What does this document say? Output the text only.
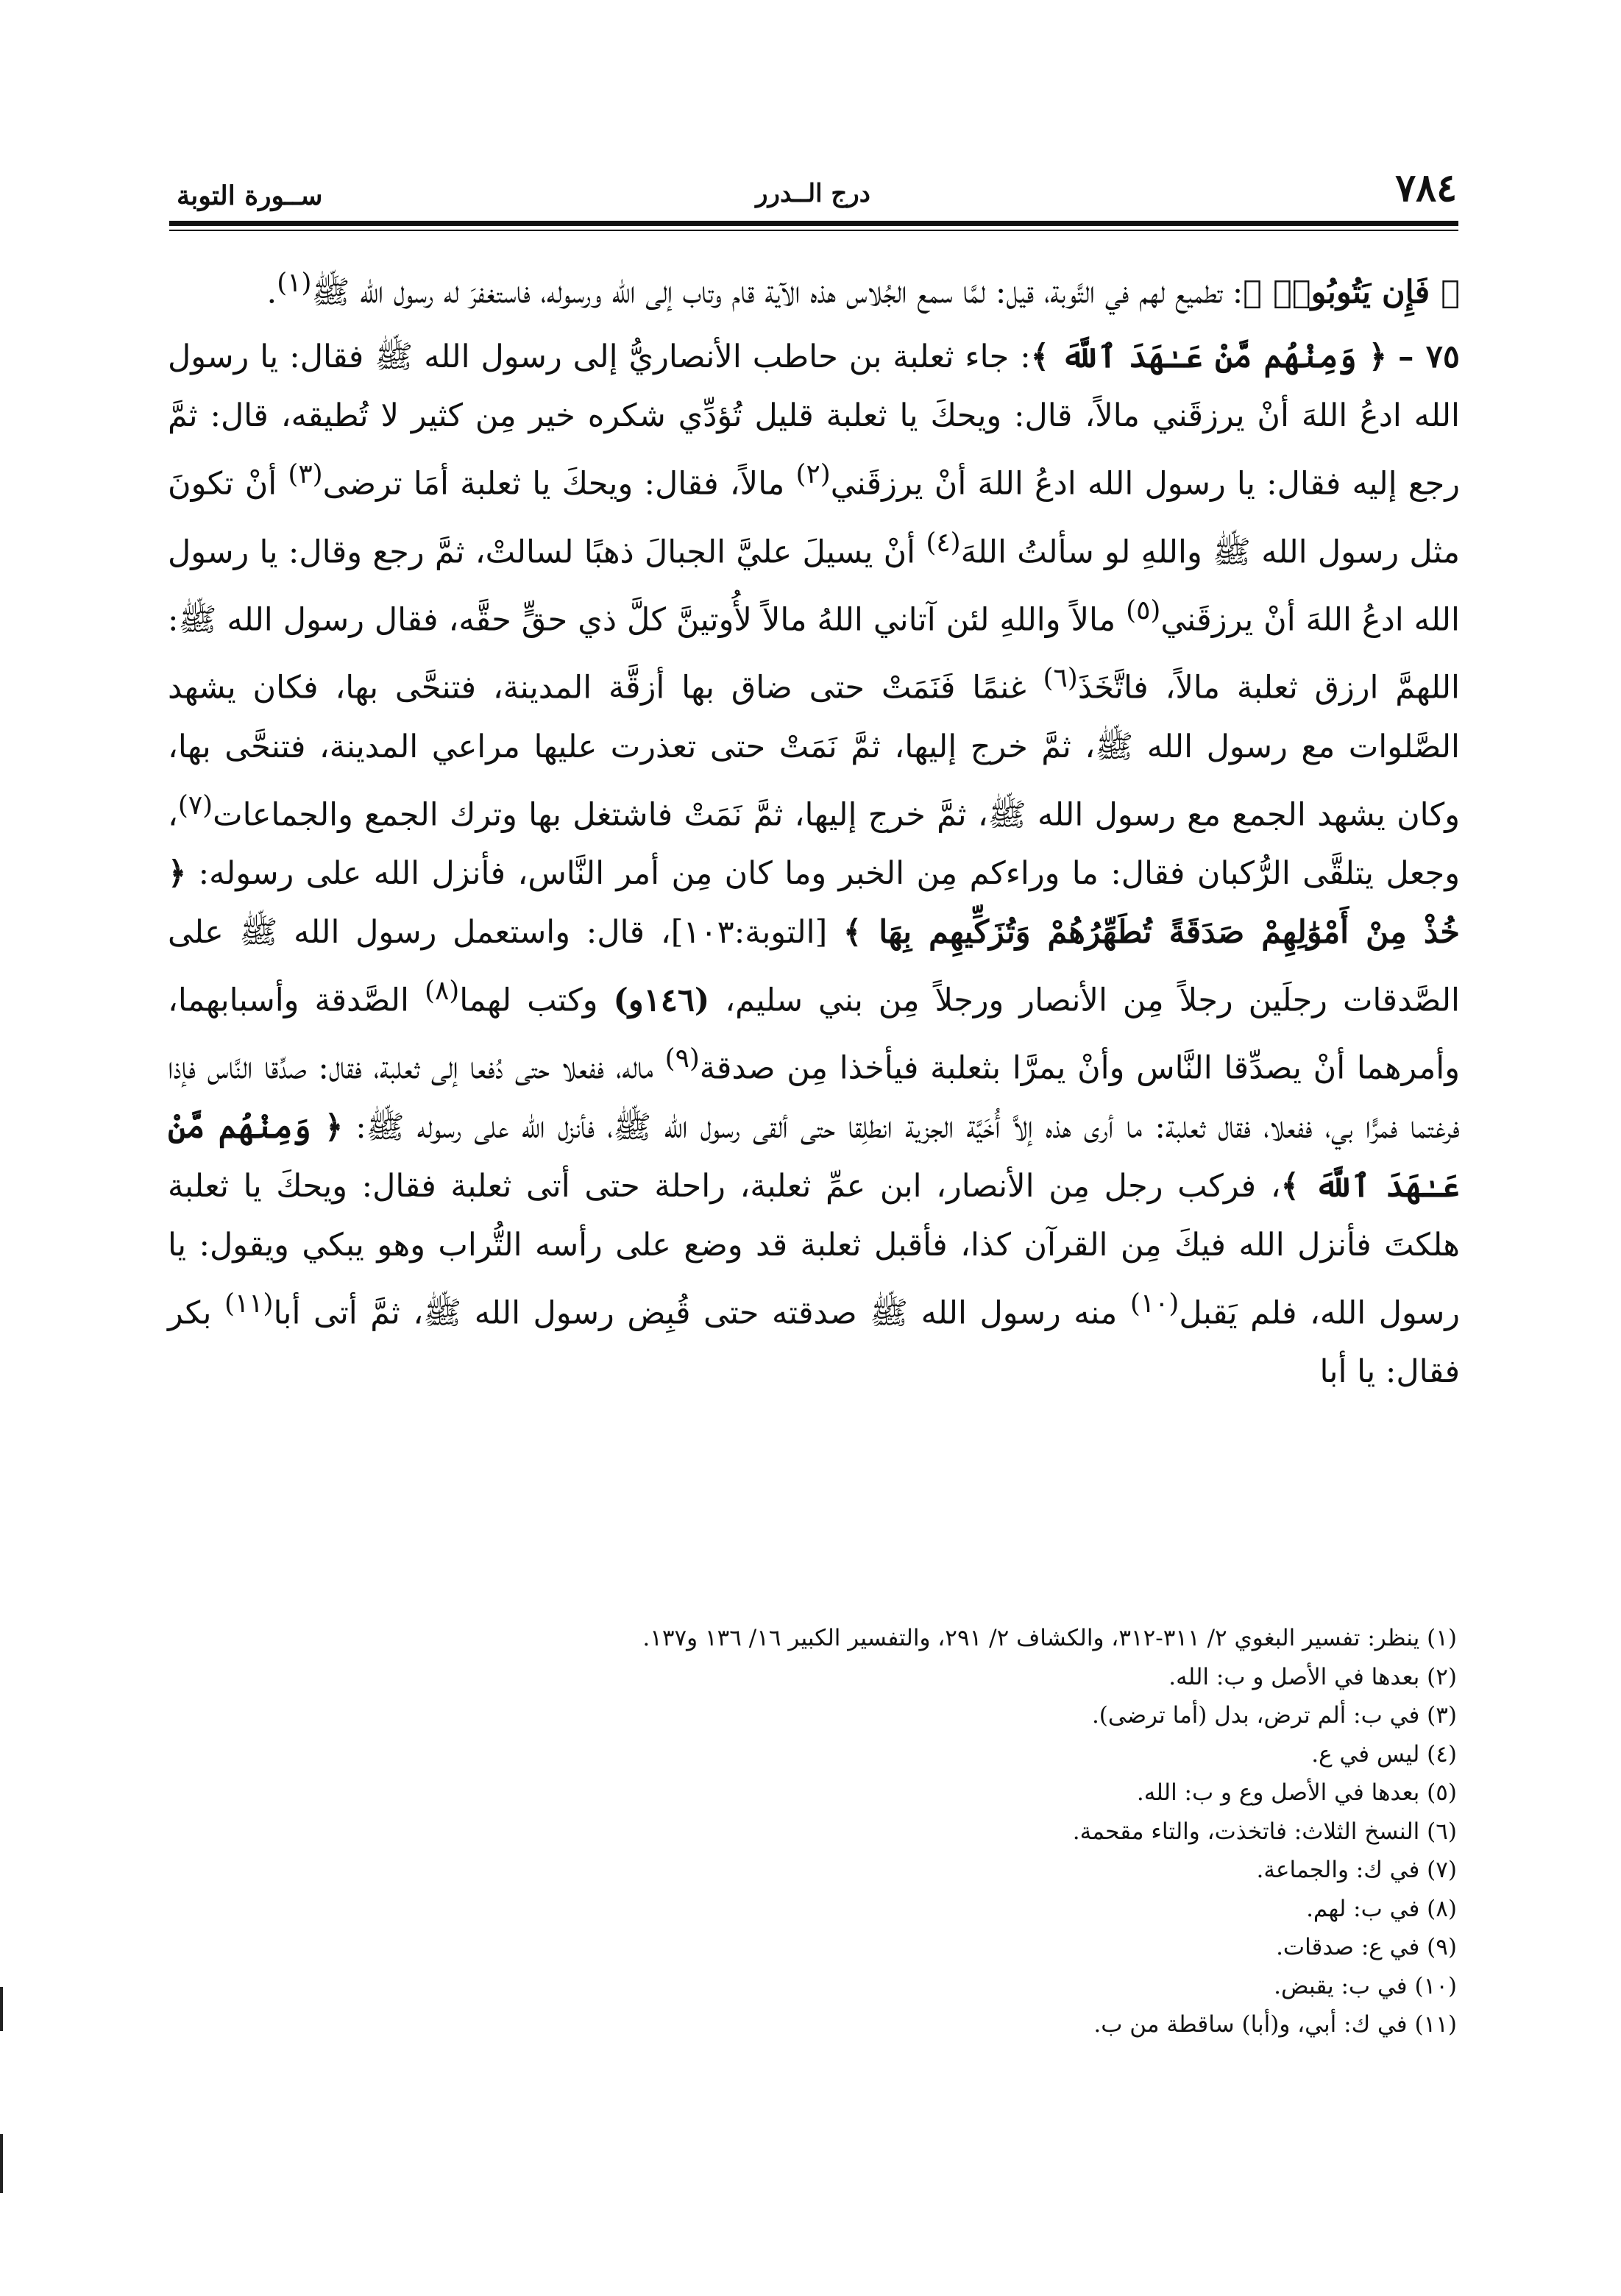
٧٨٤
درج الــدرر
ســورة التوبة

﴿ فَإِن يَتُوبُوا۟ ﴾: تطميع لهم في التَّوبة، قيل: لمَّا سمع الجُلاس هذه الآية قام وتاب إلى الله ورسوله، فاستغفرَ له رسول الله ﷺ$^{(١)}$.

٧٥ – ﴿ وَمِنْهُم مَّنْ عَـٰهَدَ ٱللَّهَ ﴾: جاء ثعلبة بن حاطب الأنصاريُّ إلى رسول الله ﷺ فقال: يا رسول الله ادعُ اللهَ أنْ يرزقَني مالاً، قال: ويحكَ يا ثعلبة قليل تُؤدِّي شكره خير مِن كثير لا تُطيقه، قال: ثمَّ رجع إليه فقال: يا رسول الله ادعُ اللهَ أنْ يرزقَني$^{(٢)}$ مالاً، فقال: ويحكَ يا ثعلبة أمَا ترضى$^{(٣)}$ أنْ تكونَ مثل رسول الله ﷺ واللهِ لو سألتُ اللهَ$^{(٤)}$ أنْ يسيلَ عليَّ الجبالَ ذهبًا لسالتْ، ثمَّ رجع وقال: يا رسول الله ادعُ اللهَ أنْ يرزقَني$^{(٥)}$ مالاً واللهِ لئن آتاني اللهُ مالاً لأُوتينَّ كلَّ ذي حقٍّ حقَّه، فقال رسول الله ﷺ: اللهمَّ ارزق ثعلبة مالاً، فاتَّخَذَ$^{(٦)}$ غنمًا فَنَمَتْ حتى ضاق بها أزقَّة المدينة، فتنحَّى بها، فكان يشهد الصَّلوات مع رسول الله ﷺ، ثمَّ خرج إليها، ثمَّ نَمَتْ حتى تعذرت عليها مراعي المدينة، فتنحَّى بها، وكان يشهد الجمع مع رسول الله ﷺ، ثمَّ خرج إليها، ثمَّ نَمَتْ فاشتغل بها وترك الجمع والجماعات$^{(٧)}$، وجعل يتلقَّى الرُّكبان فقال: ما وراءكم مِن الخبر وما كان مِن أمر النَّاس، فأنزل الله على رسوله: ﴿ خُذْ مِنْ أَمْوَٰلِهِمْ صَدَقَةً تُطَهِّرُهُمْ وَتُزَكِّيهِم بِهَا ﴾ [التوبة:١٠٣]، قال: واستعمل رسول الله ﷺ على الصَّدقات رجلَين رجلاً مِن الأنصار ورجلاً مِن بني سليم، (١٤٦و) وكتب لهما$^{(٨)}$ الصَّدقة وأسبابهما، وأمرهما أنْ يصدِّقا النَّاس وأنْ يمرَّا بثعلبة فيأخذا مِن صدقة$^{(٩)}$ ماله، ففعلا حتى دُفعا إلى ثعلبة، فقال: صدِّقا النَّاس فإذا فرغتما فمرًّا بي، ففعلا، فقال ثعلبة: ما أرى هذه إلاَّ أُخَيَّة الجزية انطلِقا حتى ألقى رسول الله ﷺ، فأنزل الله على رسوله ﷺ: ﴿ وَمِنْهُم مَّنْ عَـٰهَدَ ٱللَّهَ ﴾، فركب رجل مِن الأنصار، ابن عمِّ ثعلبة، راحلة حتى أتى ثعلبة فقال: ويحكَ يا ثعلبة هلكتَ فأنزل الله فيكَ مِن القرآن كذا، فأقبل ثعلبة قد وضع على رأسه التُّراب وهو يبكي ويقول: يا رسول الله، فلم يَقبل$^{(١٠)}$ منه رسول الله ﷺ صدقته حتى قُبِض رسول الله ﷺ، ثمَّ أتى أبا$^{(١١)}$ بكر فقال: يا أبا

(١) ينظر: تفسير البغوي ٢/ ٣١١-٣١٢، والكشاف ٢/ ٢٩١، والتفسير الكبير ١٦/ ١٣٦ و١٣٧.
(٢) بعدها في الأصل و ب: الله.
(٣) في ب: ألم ترض، بدل (أما ترضى).
(٤) ليس في ع.
(٥) بعدها في الأصل وع و ب: الله.
(٦) النسخ الثلاث: فاتخذت، والتاء مقحمة.
(٧) في ك: والجماعة.
(٨) في ب: لهم.
(٩) في ع: صدقات.
(١٠) في ب: يقبض.
(١١) في ك: أبي، و(أبا) ساقطة من ب.
